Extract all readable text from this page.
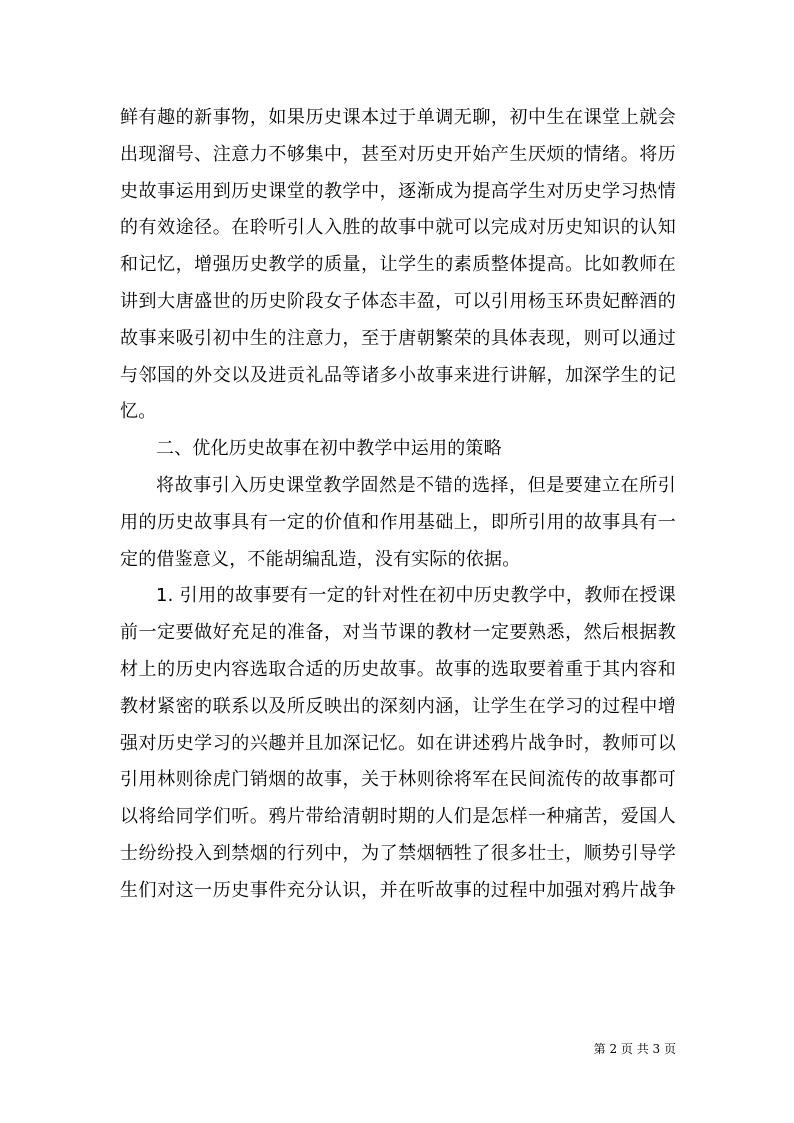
鲜有趣的新事物，如果历史课本过于单调无聊，初中生在课堂上就会
出现溜号、注意力不够集中，甚至对历史开始产生厌烦的情绪。将历
史故事运用到历史课堂的教学中，逐渐成为提高学生对历史学习热情
的有效途径。在聆听引人入胜的故事中就可以完成对历史知识的认知
和记忆，增强历史教学的质量，让学生的素质整体提高。比如教师在
讲到大唐盛世的历史阶段女子体态丰盈，可以引用杨玉环贵妃醉酒的
故事来吸引初中生的注意力，至于唐朝繁荣的具体表现，则可以通过
与邻国的外交以及进贡礼品等诸多小故事来进行讲解，加深学生的记
忆。
二、优化历史故事在初中教学中运用的策略
将故事引入历史课堂教学固然是不错的选择，但是要建立在所引
用的历史故事具有一定的价值和作用基础上，即所引用的故事具有一
定的借鉴意义，不能胡编乱造，没有实际的依据。
1. 引用的故事要有一定的针对性在初中历史教学中，教师在授课
前一定要做好充足的准备，对当节课的教材一定要熟悉，然后根据教
材上的历史内容选取合适的历史故事。故事的选取要着重于其内容和
教材紧密的联系以及所反映出的深刻内涵，让学生在学习的过程中增
强对历史学习的兴趣并且加深记忆。如在讲述鸦片战争时，教师可以
引用林则徐虎门销烟的故事，关于林则徐将军在民间流传的故事都可
以将给同学们听。鸦片带给清朝时期的人们是怎样一种痛苦，爱国人
士纷纷投入到禁烟的行列中，为了禁烟牺牲了很多壮士，顺势引导学
生们对这一历史事件充分认识，并在听故事的过程中加强对鸦片战争
第 2 页 共 3 页
